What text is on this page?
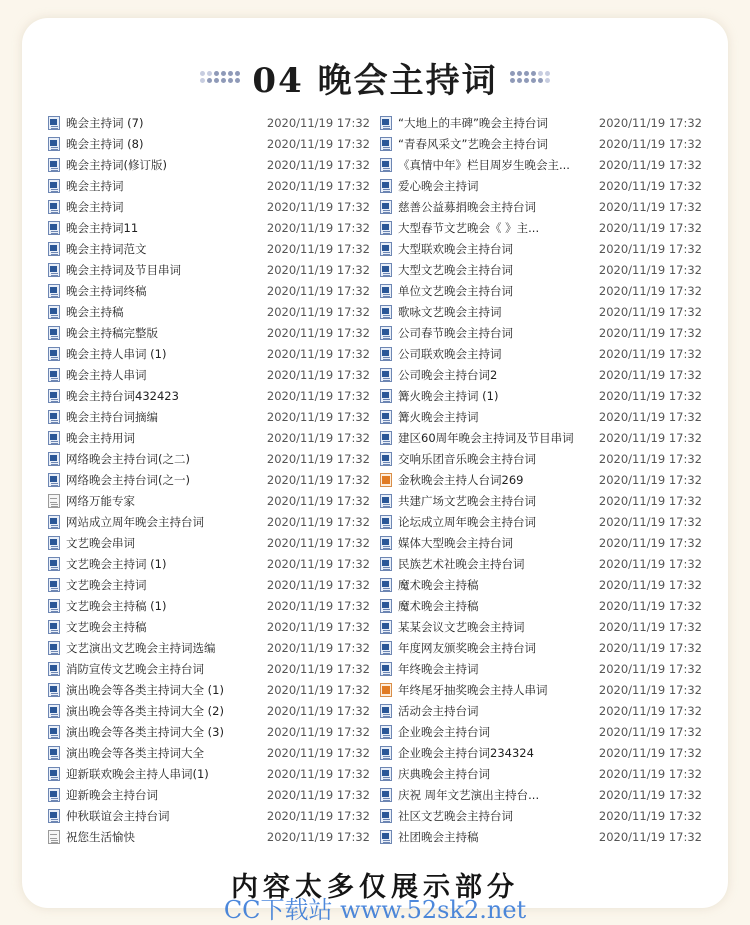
04 晚会主持词
晚会主持词 (7)	2020/11/19 17:32
晚会主持词 (8)	2020/11/19 17:32
晚会主持词(修订版)	2020/11/19 17:32
晚会主持词	2020/11/19 17:32
晚会主持词	2020/11/19 17:32
晚会主持词11	2020/11/19 17:32
晚会主持词范文	2020/11/19 17:32
晚会主持词及节目串词	2020/11/19 17:32
晚会主持词终稿	2020/11/19 17:32
晚会主持稿	2020/11/19 17:32
晚会主持稿完整版	2020/11/19 17:32
晚会主持人串词 (1)	2020/11/19 17:32
晚会主持人串词	2020/11/19 17:32
晚会主持台词432423	2020/11/19 17:32
晚会主持台词摘编	2020/11/19 17:32
晚会主持用词	2020/11/19 17:32
网络晚会主持台词(之二)	2020/11/19 17:32
网络晚会主持台词(之一)	2020/11/19 17:32
网络万能专家	2020/11/19 17:32
网站成立周年晚会主持台词	2020/11/19 17:32
文艺晚会串词	2020/11/19 17:32
文艺晚会主持词 (1)	2020/11/19 17:32
文艺晚会主持词	2020/11/19 17:32
文艺晚会主持稿 (1)	2020/11/19 17:32
文艺晚会主持稿	2020/11/19 17:32
文艺演出文艺晚会主持词选编	2020/11/19 17:32
消防宣传文艺晚会主持台词	2020/11/19 17:32
演出晚会等各类主持词大全 (1)	2020/11/19 17:32
演出晚会等各类主持词大全 (2)	2020/11/19 17:32
演出晚会等各类主持词大全 (3)	2020/11/19 17:32
演出晚会等各类主持词大全	2020/11/19 17:32
迎新联欢晚会主持人串词(1)	2020/11/19 17:32
迎新晚会主持台词	2020/11/19 17:32
仲秋联谊会主持台词	2020/11/19 17:32
祝您生活愉快	2020/11/19 17:32
“大地上的丰碑”晚会主持台词	2020/11/19 17:32
“青春风采文”艺晚会主持台词	2020/11/19 17:32
《真情中年》栏目周岁生晚会主...	2020/11/19 17:32
爱心晚会主持词	2020/11/19 17:32
慈善公益募捐晚会主持台词	2020/11/19 17:32
大型春节文艺晚会《 》主...	2020/11/19 17:32
大型联欢晚会主持台词	2020/11/19 17:32
大型文艺晚会主持台词	2020/11/19 17:32
单位文艺晚会主持台词	2020/11/19 17:32
歌咏文艺晚会主持词	2020/11/19 17:32
公司春节晚会主持台词	2020/11/19 17:32
公司联欢晚会主持词	2020/11/19 17:32
公司晚会主持台词2	2020/11/19 17:32
篝火晚会主持词 (1)	2020/11/19 17:32
篝火晚会主持词	2020/11/19 17:32
建区60周年晚会主持词及节目串词	2020/11/19 17:32
交响乐团音乐晚会主持台词	2020/11/19 17:32
金秋晚会主持人台词269	2020/11/19 17:32
共建广场文艺晚会主持台词	2020/11/19 17:32
论坛成立周年晚会主持台词	2020/11/19 17:32
媒体大型晚会主持台词	2020/11/19 17:32
民族艺术社晚会主持台词	2020/11/19 17:32
魔术晚会主持稿	2020/11/19 17:32
魔术晚会主持稿	2020/11/19 17:32
某某会议文艺晚会主持词	2020/11/19 17:32
年度网友颁奖晚会主持台词	2020/11/19 17:32
年终晚会主持词	2020/11/19 17:32
年终尾牙抽奖晚会主持人串词	2020/11/19 17:32
活动会主持台词	2020/11/19 17:32
企业晚会主持台词	2020/11/19 17:32
企业晚会主持台词234324	2020/11/19 17:32
庆典晚会主持台词	2020/11/19 17:32
庆祝 周年文艺演出主持台...	2020/11/19 17:32
社区文艺晚会主持台词	2020/11/19 17:32
社团晚会主持稿	2020/11/19 17:32
内容太多仅展示部分
CC下载站 www.52sk2.net
